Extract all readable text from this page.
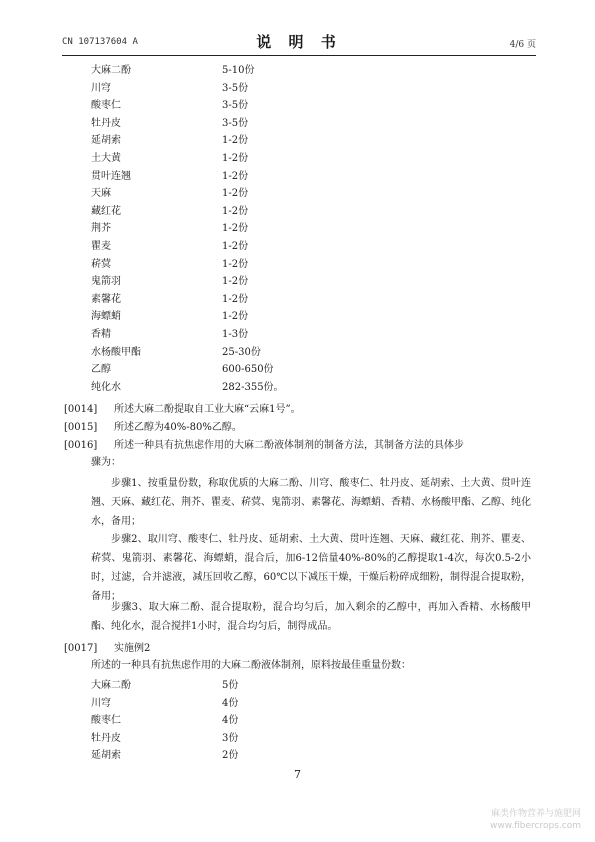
CN 107137604 A	说 明 书	4/6 页
大麻二酚	5-10份
川穹	3-5份
酸枣仁	3-5份
牡丹皮	3-5份
延胡索	1-2份
土大黄	1-2份
贯叶连翘	1-2份
天麻	1-2份
藏红花	1-2份
荆芥	1-2份
瞿麦	1-2份
菥蓂	1-2份
鬼箭羽	1-2份
素馨花	1-2份
海螵蛸	1-2份
香精	1-3份
水杨酸甲酯	25-30份
乙醇	600-650份
纯化水	282-355份。
[0014] 所述大麻二酚提取自工业大麻“云麻1号”。
[0015] 所述乙醇为40%-80%乙醇。
[0016] 所述一种具有抗焦虑作用的大麻二酚液体制剂的制备方法，其制备方法的具体步
骤为：
步骤1、按重量份数，称取优质的大麻二酚、川穹、酸枣仁、牡丹皮、延胡索、土大黄、贯叶连翘、天麻、藏红花、荆芥、瞿麦、菥蓂、鬼箭羽、素馨花、海螵蛸、香精、水杨酸甲酯、乙醇、纯化水，备用；
步骤2、取川穹、酸枣仁、牡丹皮、延胡索、土大黄、贯叶连翘、天麻、藏红花、荆芥、瞿麦、菥蓂、鬼箭羽、素馨花、海螵蛸，混合后，加6-12倍量40%-80%的乙醇提取1-4次，每次0.5-2小时，过滤，合并滤液，减压回收乙醇，60℃以下减压干燥，干燥后粉碎成细粉，制得混合提取粉，备用；
步骤3、取大麻二酚、混合提取粉，混合均匀后，加入剩余的乙醇中，再加入香精、水杨酸甲酯、纯化水，混合搅拌1小时，混合均匀后，制得成品。
[0017] 实施例2
所述的一种具有抗焦虑作用的大麻二酚液体制剂，原料按最佳重量份数：
大麻二酚	5份
川穹	4份
酸枣仁	4份
牡丹皮	3份
延胡索	2份
7
麻类作物营养与施肥网
www.fibercrops.com
